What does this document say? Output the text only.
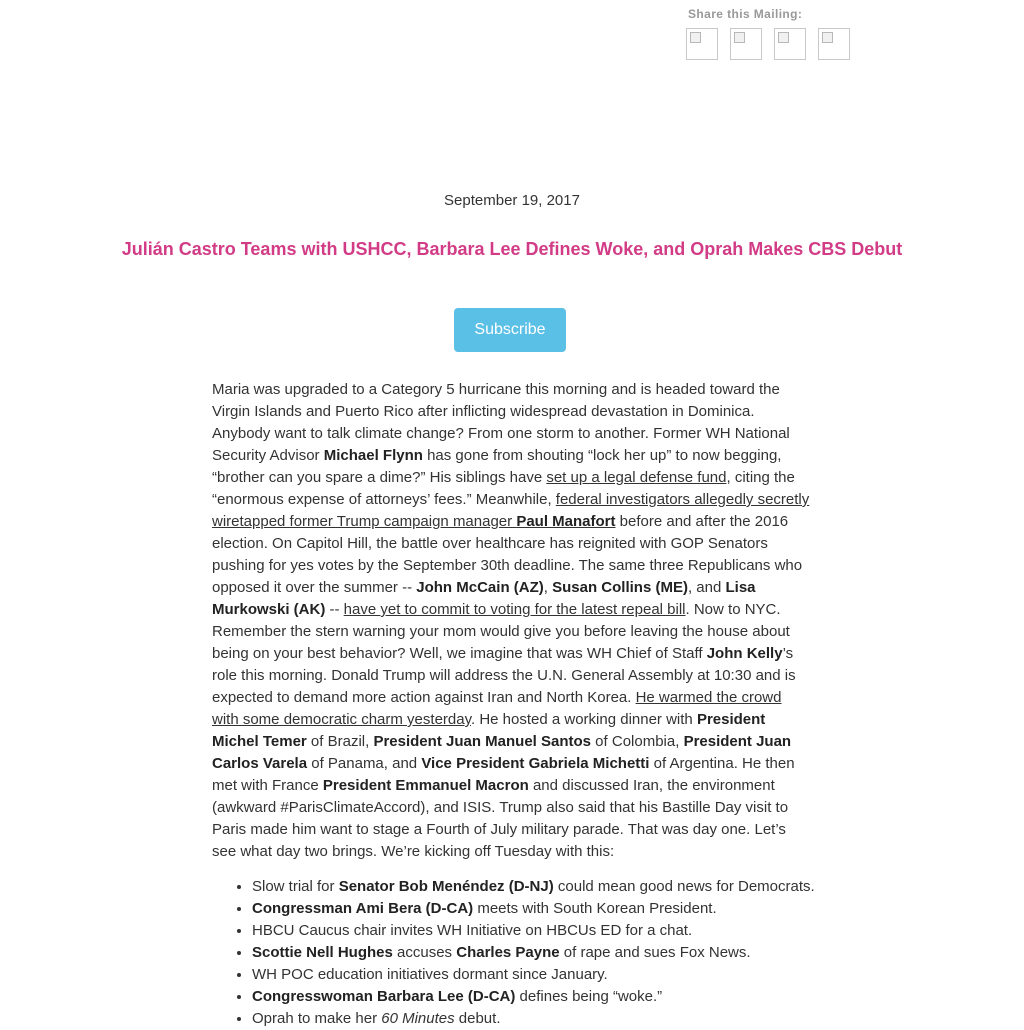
Share this Mailing:
September 19, 2017
Julián Castro Teams with USHCC, Barbara Lee Defines Woke, and Oprah Makes CBS Debut
Subscribe

Maria was upgraded to a Category 5 hurricane this morning and is headed toward the Virgin Islands and Puerto Rico after inflicting widespread devastation in Dominica. Anybody want to talk climate change? From one storm to another. Former WH National Security Advisor Michael Flynn has gone from shouting “lock her up” to now begging, “brother can you spare a dime?” His siblings have set up a legal defense fund, citing the “enormous expense of attorneys’ fees.” Meanwhile, federal investigators allegedly secretly wiretapped former Trump campaign manager Paul Manafort before and after the 2016 election. On Capitol Hill, the battle over healthcare has reignited with GOP Senators pushing for yes votes by the September 30th deadline. The same three Republicans who opposed it over the summer -- John McCain (AZ), Susan Collins (ME), and Lisa Murkowski (AK) -- have yet to commit to voting for the latest repeal bill. Now to NYC. Remember the stern warning your mom would give you before leaving the house about being on your best behavior? Well, we imagine that was WH Chief of Staff John Kelly’s role this morning. Donald Trump will address the U.N. General Assembly at 10:30 and is expected to demand more action against Iran and North Korea. He warmed the crowd with some democratic charm yesterday. He hosted a working dinner with President Michel Temer of Brazil, President Juan Manuel Santos of Colombia, President Juan Carlos Varela of Panama, and Vice President Gabriela Michetti of Argentina. He then met with France President Emmanuel Macron and discussed Iran, the environment (awkward #ParisClimateAccord), and ISIS. Trump also said that his Bastille Day visit to Paris made him want to stage a Fourth of July military parade. That was day one. Let’s see what day two brings. We’re kicking off Tuesday with this:

• Slow trial for Senator Bob Menéndez (D-NJ) could mean good news for Democrats.
• Congressman Ami Bera (D-CA) meets with South Korean President.
• HBCU Caucus chair invites WH Initiative on HBCUs ED for a chat.
• Scottie Nell Hughes accuses Charles Payne of rape and sues Fox News.
• WH POC education initiatives dormant since January.
• Congresswoman Barbara Lee (D-CA) defines being “woke.”
• Oprah to make her 60 Minutes debut.
